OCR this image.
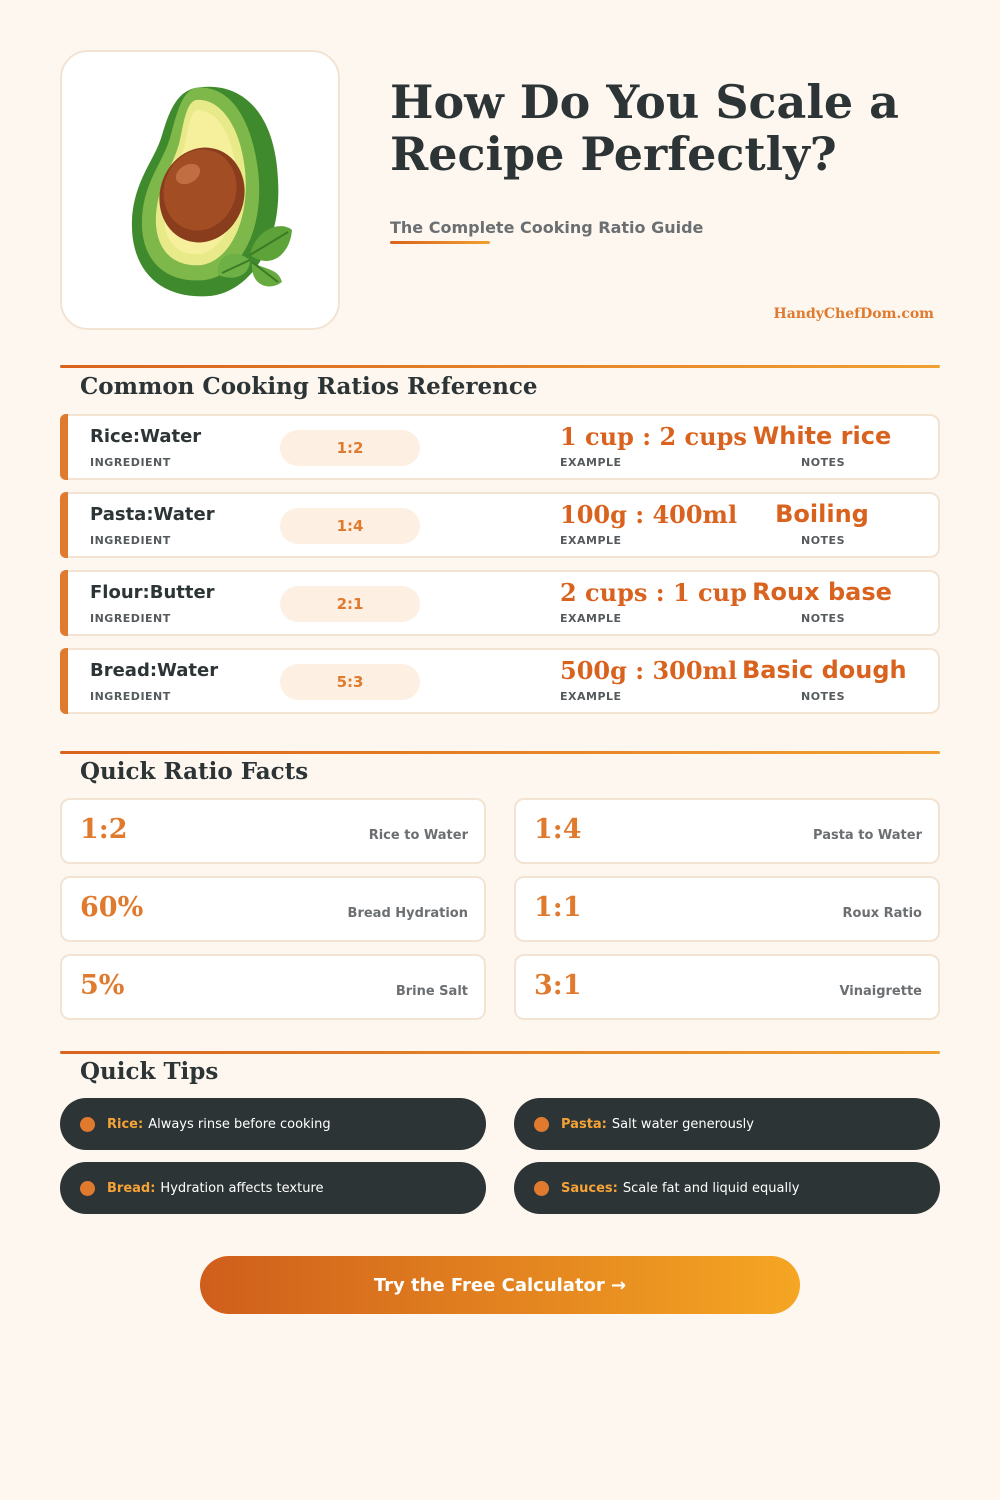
How Do You Scale a Recipe Perfectly?
The Complete Cooking Ratio Guide
HandyChefDom.com
Common Cooking Ratios Reference
Rice:Water
INGREDIENT
1:2	1 cup : 2 cups
EXAMPLE
White rice
NOTES
Pasta:Water
INGREDIENT
1:4	100g : 400ml
EXAMPLE
Boiling
NOTES
Flour:Butter
INGREDIENT
2:1	2 cups : 1 cup
EXAMPLE
Roux base
NOTES
Bread:Water
INGREDIENT
5:3	500g : 300ml
EXAMPLE
Basic dough
NOTES
Quick Ratio Facts
1:2	Rice to Water 1:4	Pasta to Water
60%	Bread Hydration 1:1	Roux Ratio
5%	Brine Salt 3:1	Vinaigrette
Quick Tips
Rice: Always rinse before cooking	Pasta: Salt water generously
Bread: Hydration affects texture	Sauces: Scale fat and liquid equally
Try the Free Calculator →
